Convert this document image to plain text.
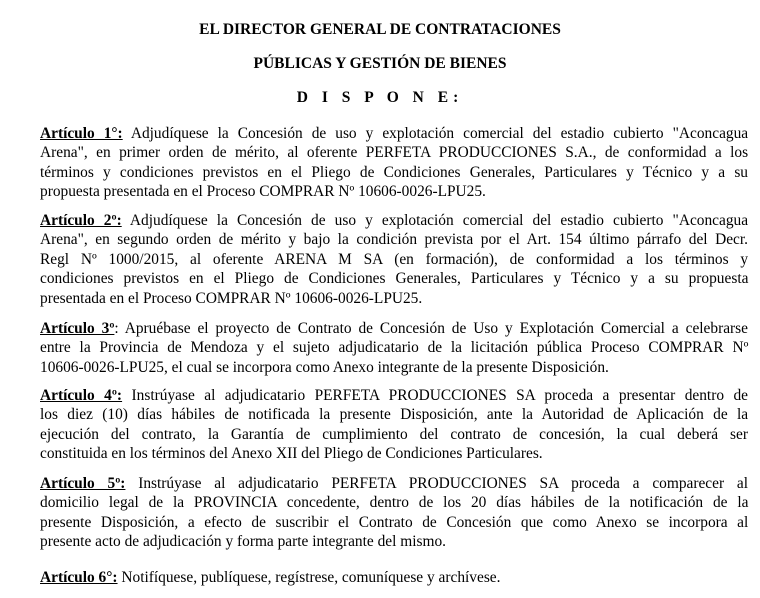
EL DIRECTOR GENERAL DE CONTRATACIONES
PÚBLICAS Y GESTIÓN DE BIENES
D I S P O N E:
Artículo 1°: Adjudíquese la Concesión de uso y explotación comercial del estadio cubierto "Aconcagua
Arena", en primer orden de mérito, al oferente PERFETA PRODUCCIONES S.A., de conformidad a los
términos y condiciones previstos en el Pliego de Condiciones Generales, Particulares y Técnico y a su
propuesta presentada en el Proceso COMPRAR Nº 10606-0026-LPU25.
Artículo 2º: Adjudíquese la Concesión de uso y explotación comercial del estadio cubierto "Aconcagua
Arena", en segundo orden de mérito y bajo la condición prevista por el Art. 154 último párrafo del Decr.
Regl Nº 1000/2015, al oferente ARENA M SA (en formación), de conformidad a los términos y
condiciones previstos en el Pliego de Condiciones Generales, Particulares y Técnico y a su propuesta
presentada en el Proceso COMPRAR Nº 10606-0026-LPU25.
Artículo 3º: Apruébase el proyecto de Contrato de Concesión de Uso y Explotación Comercial a celebrarse
entre la Provincia de Mendoza y el sujeto adjudicatario de la licitación pública Proceso COMPRAR Nº
10606-0026-LPU25, el cual se incorpora como Anexo integrante de la presente Disposición.
Artículo 4º: Instrúyase al adjudicatario PERFETA PRODUCCIONES SA proceda a presentar dentro de
los diez (10) días hábiles de notificada la presente Disposición, ante la Autoridad de Aplicación de la
ejecución del contrato, la Garantía de cumplimiento del contrato de concesión, la cual deberá ser
constituida en los términos del Anexo XII del Pliego de Condiciones Particulares.
Artículo 5º: Instrúyase al adjudicatario PERFETA PRODUCCIONES SA proceda a comparecer al
domicilio legal de la PROVINCIA concedente, dentro de los 20 días hábiles de la notificación de la
presente Disposición, a efecto de suscribir el Contrato de Concesión que como Anexo se incorpora al
presente acto de adjudicación y forma parte integrante del mismo.
Artículo 6°: Notifíquese, publíquese, regístrese, comuníquese y archívese.
